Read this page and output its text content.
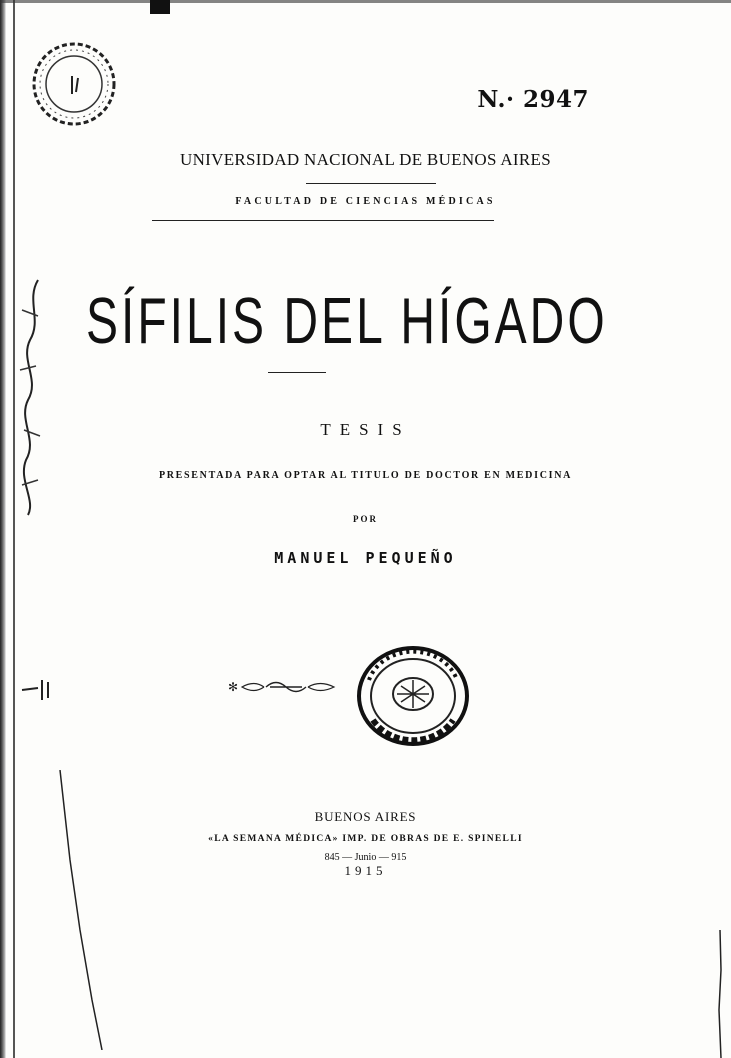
N.· 2947
UNIVERSIDAD NACIONAL DE BUENOS AIRES
FACULTAD DE CIENCIAS MÉDICAS
SÍFILIS DEL HÍGADO
TESIS
PRESENTADA PARA OPTAR AL TITULO DE DOCTOR EN MEDICINA
POR
MANUEL PEQUEÑO
✻
BUENOS AIRES
«LA SEMANA MÉDICA» IMP. DE OBRAS DE E. SPINELLI
845 — Junio — 915
1915
